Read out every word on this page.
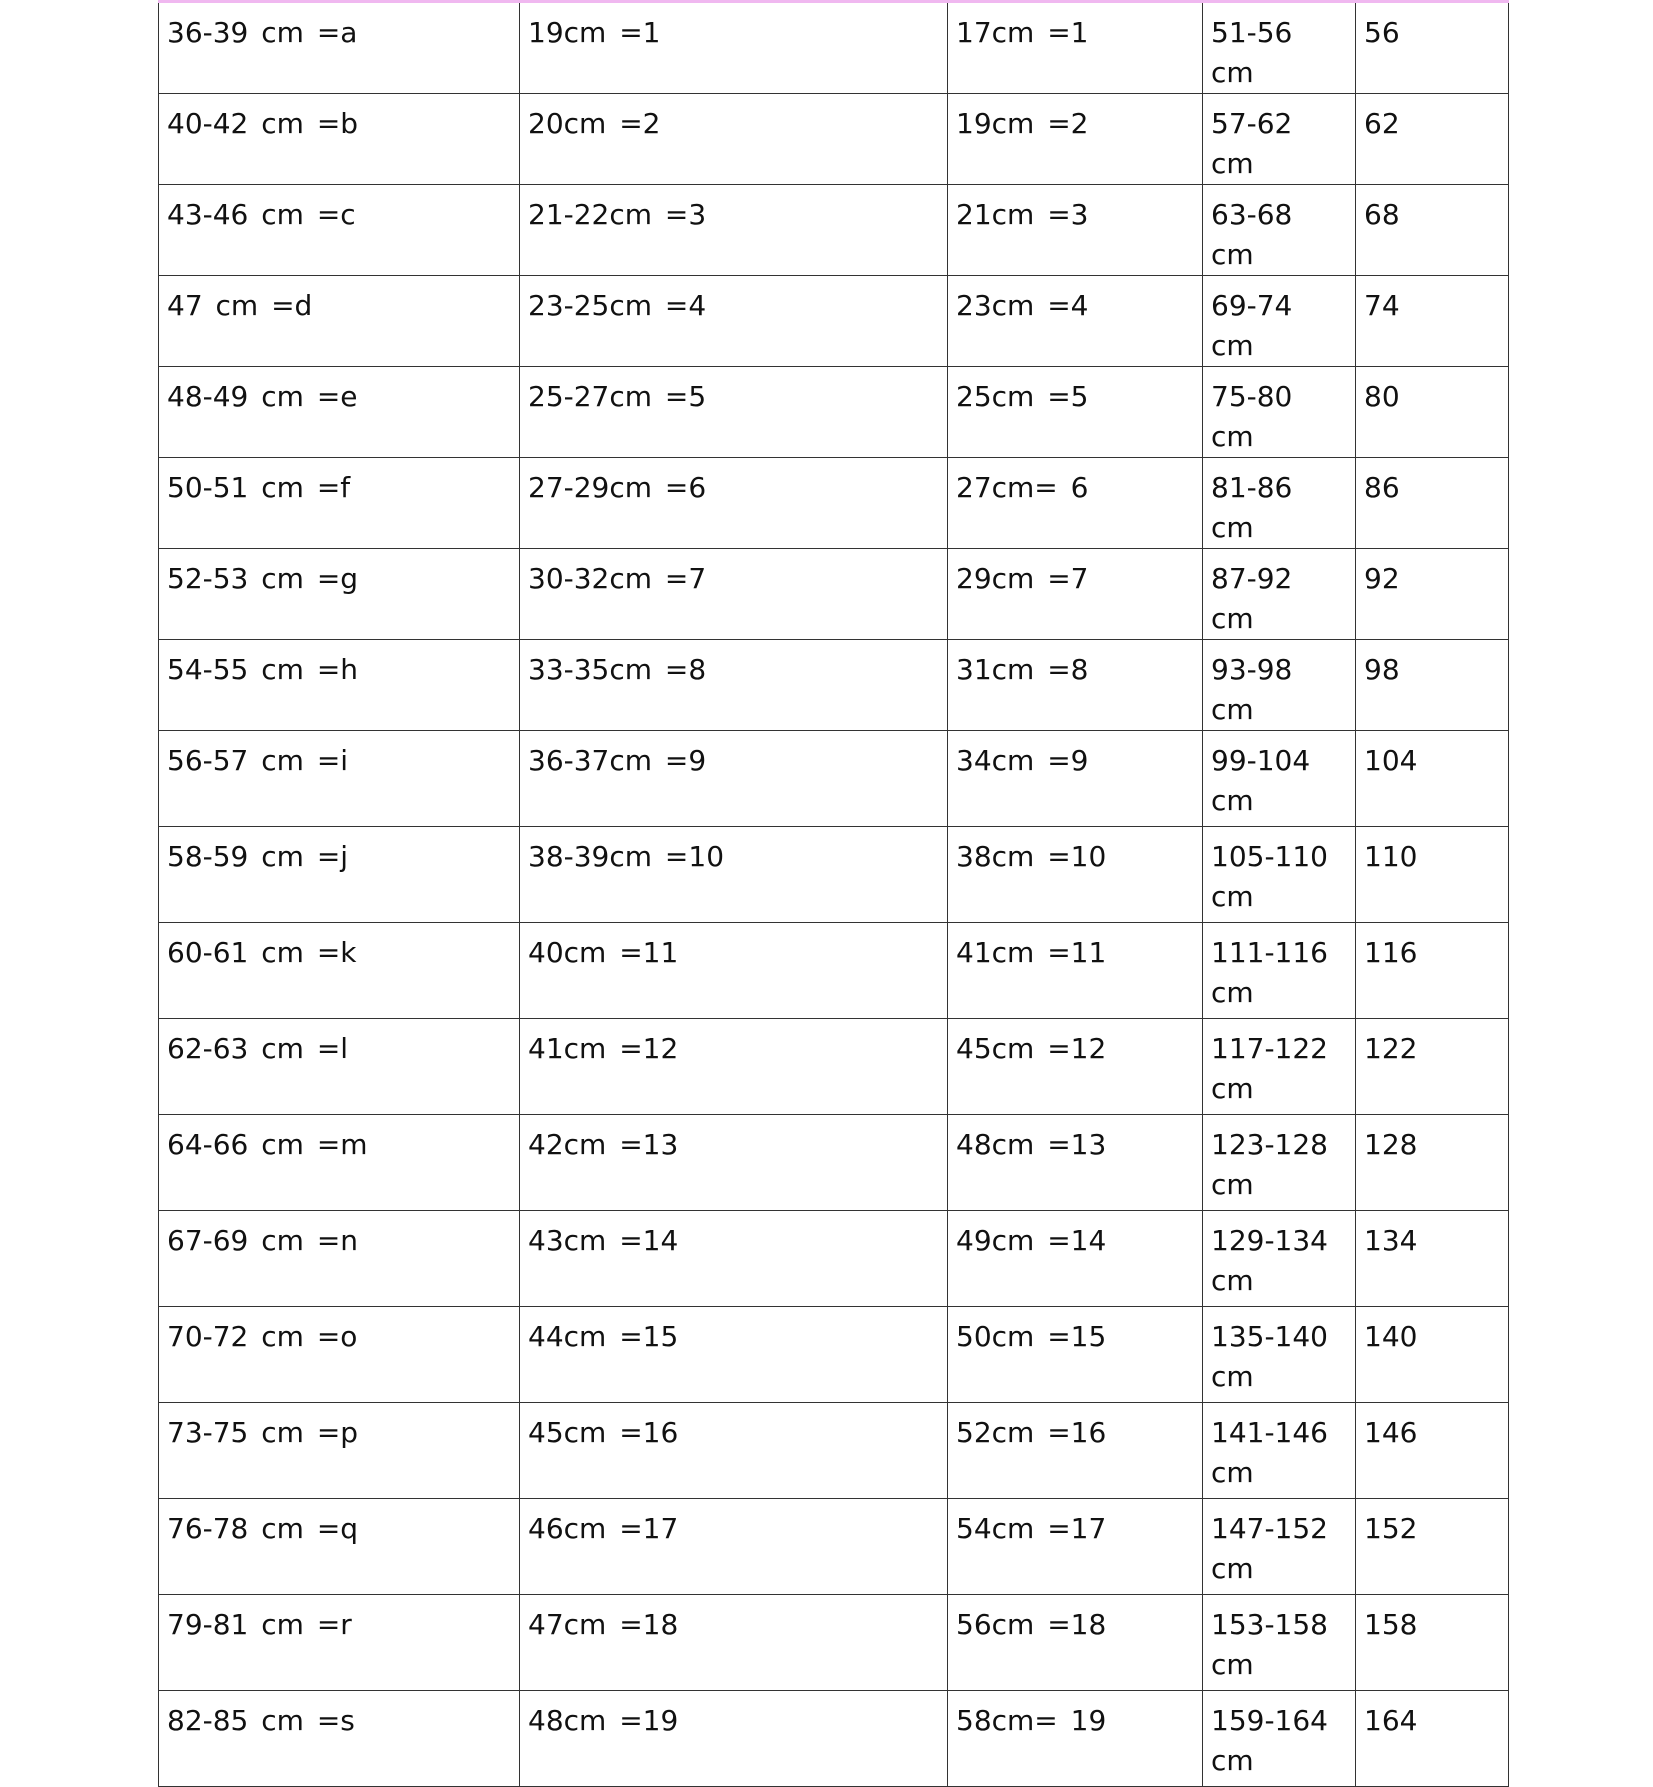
36-39 cm =a	19cm =1	17cm =1	51-56 cm	56
40-42 cm =b	20cm =2	19cm =2	57-62 cm	62
43-46 cm =c	21-22cm =3	21cm =3	63-68 cm	68
47 cm =d	23-25cm =4	23cm =4	69-74 cm	74
48-49 cm =e	25-27cm =5	25cm =5	75-80 cm	80
50-51 cm =f	27-29cm =6	27cm= 6	81-86 cm	86
52-53 cm =g	30-32cm =7	29cm =7	87-92 cm	92
54-55 cm =h	33-35cm =8	31cm =8	93-98 cm	98
56-57 cm =i	36-37cm =9	34cm =9	99-104 cm	104
58-59 cm =j	38-39cm =10	38cm =10	105-110 cm	110
60-61 cm =k	40cm =11	41cm =11	111-116 cm	116
62-63 cm =l	41cm =12	45cm =12	117-122 cm	122
64-66 cm =m	42cm =13	48cm =13	123-128 cm	128
67-69 cm =n	43cm =14	49cm =14	129-134 cm	134
70-72 cm =o	44cm =15	50cm =15	135-140 cm	140
73-75 cm =p	45cm =16	52cm =16	141-146 cm	146
76-78 cm =q	46cm =17	54cm =17	147-152 cm	152
79-81 cm =r	47cm =18	56cm =18	153-158 cm	158
82-85 cm =s	48cm =19	58cm= 19	159-164 cm	164
